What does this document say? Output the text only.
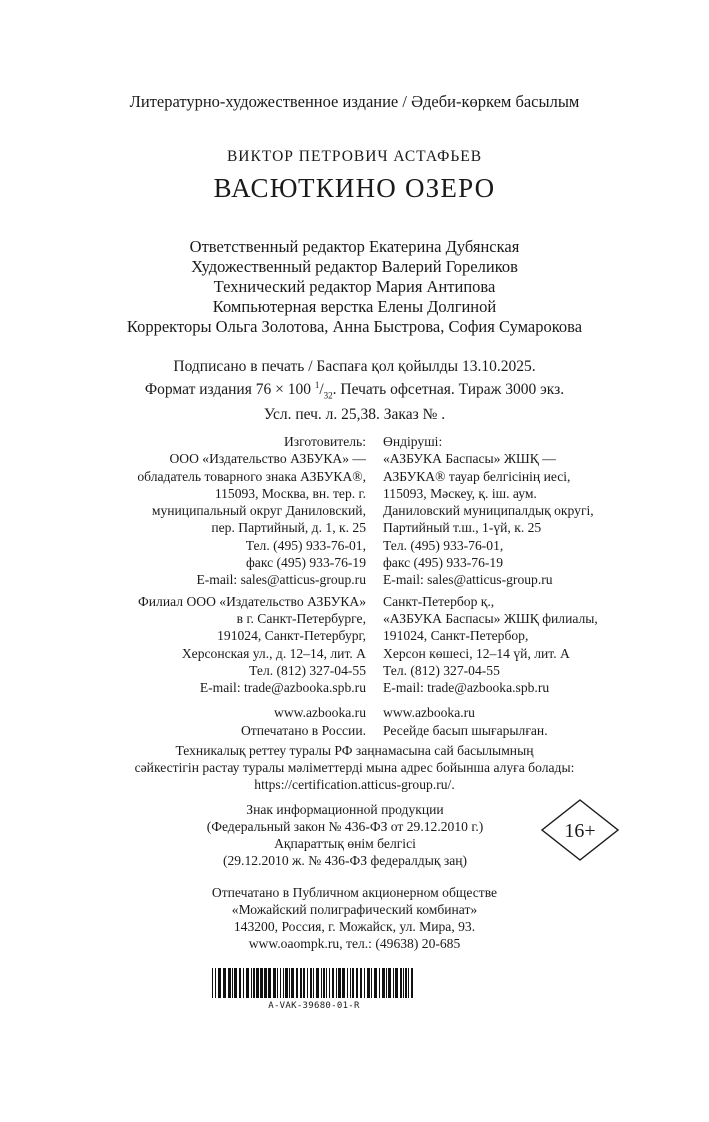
Литературно-художественное издание / Әдеби-көркем басылым
ВИКТОР ПЕТРОВИЧ АСТАФЬЕВ
ВАСЮТКИНО ОЗЕРО
Ответственный редактор Екатерина Дубянская
Художественный редактор Валерий Гореликов
Технический редактор Мария Антипова
Компьютерная верстка Елены Долгиной
Корректоры Ольга Золотова, Анна Быстрова, София Сумарокова
Подписано в печать / Баспаға қол қойылды 13.10.2025.
Формат издания 76 × 100 $^1/_{32}$. Печать офсетная. Тираж 3000 экз.
Усл. печ. л. 25,38. Заказ № .
Изготовитель:
ООО «Издательство АЗБУКА» —
обладатель товарного знака АЗБУКА®,
115093, Москва, вн. тер. г.
муниципальный округ Даниловский,
пер. Партийный, д. 1, к. 25
Тел. (495) 933-76-01,
факс (495) 933-76-19
E-mail: sales@atticus-group.ru
Филиал ООО «Издательство АЗБУКА»
в г. Санкт-Петербурге,
191024, Санкт-Петербург,
Херсонская ул., д. 12–14, лит. А
Тел. (812) 327-04-55
E-mail: trade@azbooka.spb.ru
www.azbooka.ru
Отпечатано в России.
Өндіруші:
«АЗБУКА Баспасы» ЖШҚ —
АЗБУКА® тауар белгісінің иесі,
115093, Мәскеу, қ. іш. аум.
Даниловский муниципалдық округі,
Партийный т.ш., 1-үй, к. 25
Тел. (495) 933-76-01,
факс (495) 933-76-19
E-mail: sales@atticus-group.ru
Санкт-Петербор қ.,
«АЗБУКА Баспасы» ЖШҚ филиалы,
191024, Санкт-Петербор,
Херсон көшесі, 12–14 үй, лит. А
Тел. (812) 327-04-55
E-mail: trade@azbooka.spb.ru
www.azbooka.ru
Ресейде басып шығарылған.
Техникалық реттеу туралы РФ заңнамасына сай басылымның
сәйкестігін растау туралы мәліметтерді мына адрес бойынша алуға болады:
https://certification.atticus-group.ru/.
Знак информационной продукции
(Федеральный закон № 436-ФЗ от 29.12.2010 г.)
Ақпараттық өнім белгісі
(29.12.2010 ж. № 436-ФЗ федералдық заң)
16+
Отпечатано в Публичном акционерном обществе
«Можайский полиграфический комбинат»
143200, Россия, г. Можайск, ул. Мира, 93.
www.oaompk.ru, тел.: (49638) 20-685
A-VAK-39680-01-R
